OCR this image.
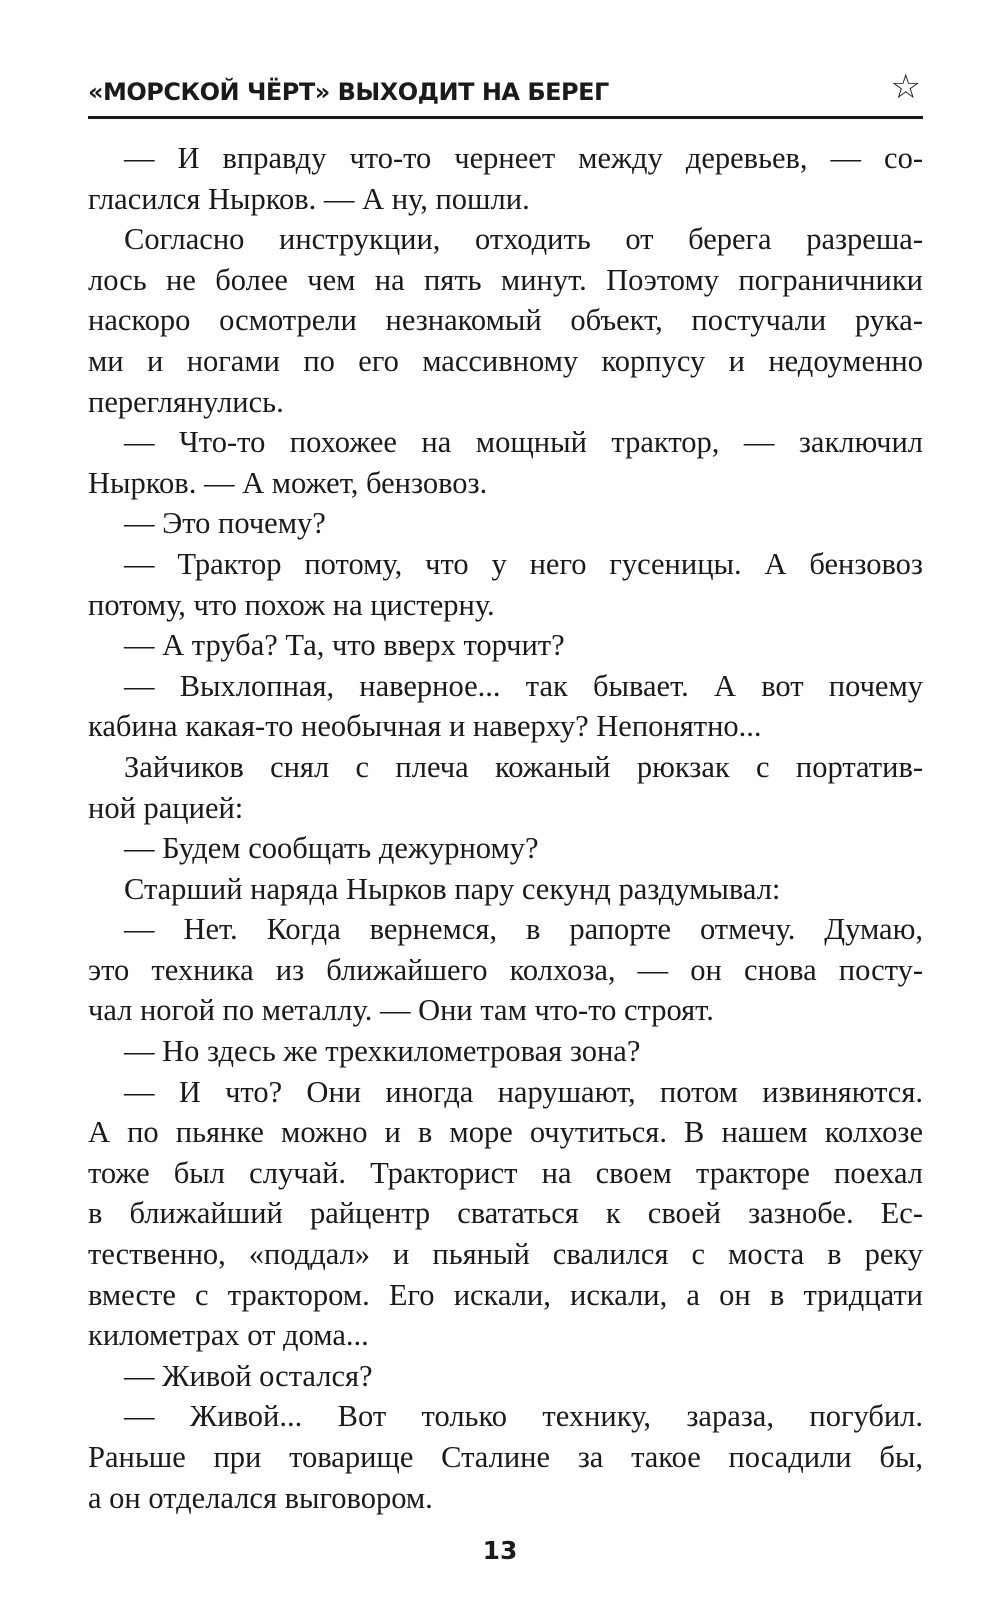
«МОРСКОЙ ЧЁРТ» ВЫХОДИТ НА БЕРЕГ	☆
— И вправду что-то чернеет между деревьев, — со-
гласился Нырков. — А ну, пошли.
Согласно инструкции, отходить от берега разреша-
лось не более чем на пять минут. Поэтому пограничники
наскоро осмотрели незнакомый объект, постучали рука-
ми и ногами по его массивному корпусу и недоуменно
переглянулись.
— Что-то похожее на мощный трактор, — заключил
Нырков. — А может, бензовоз.
— Это почему?
— Трактор потому, что у него гусеницы. А бензовоз
потому, что похож на цистерну.
— А труба? Та, что вверх торчит?
— Выхлопная, наверное... так бывает. А вот почему
кабина какая-то необычная и наверху? Непонятно...
Зайчиков снял с плеча кожаный рюкзак с портатив-
ной рацией:
— Будем сообщать дежурному?
Старший наряда Нырков пару секунд раздумывал:
— Нет. Когда вернемся, в рапорте отмечу. Думаю,
это техника из ближайшего колхоза, — он снова посту-
чал ногой по металлу. — Они там что-то строят.
— Но здесь же трехкилометровая зона?
— И что? Они иногда нарушают, потом извиняются.
А по пьянке можно и в море очутиться. В нашем колхозе
тоже был случай. Тракторист на своем тракторе поехал
в ближайший райцентр свататься к своей зазнобе. Ес-
тественно, «поддал» и пьяный свалился с моста в реку
вместе с трактором. Его искали, искали, а он в тридцати
километрах от дома...
— Живой остался?
— Живой... Вот только технику, зараза, погубил.
Раньше при товарище Сталине за такое посадили бы,
а он отделался выговором.
13
